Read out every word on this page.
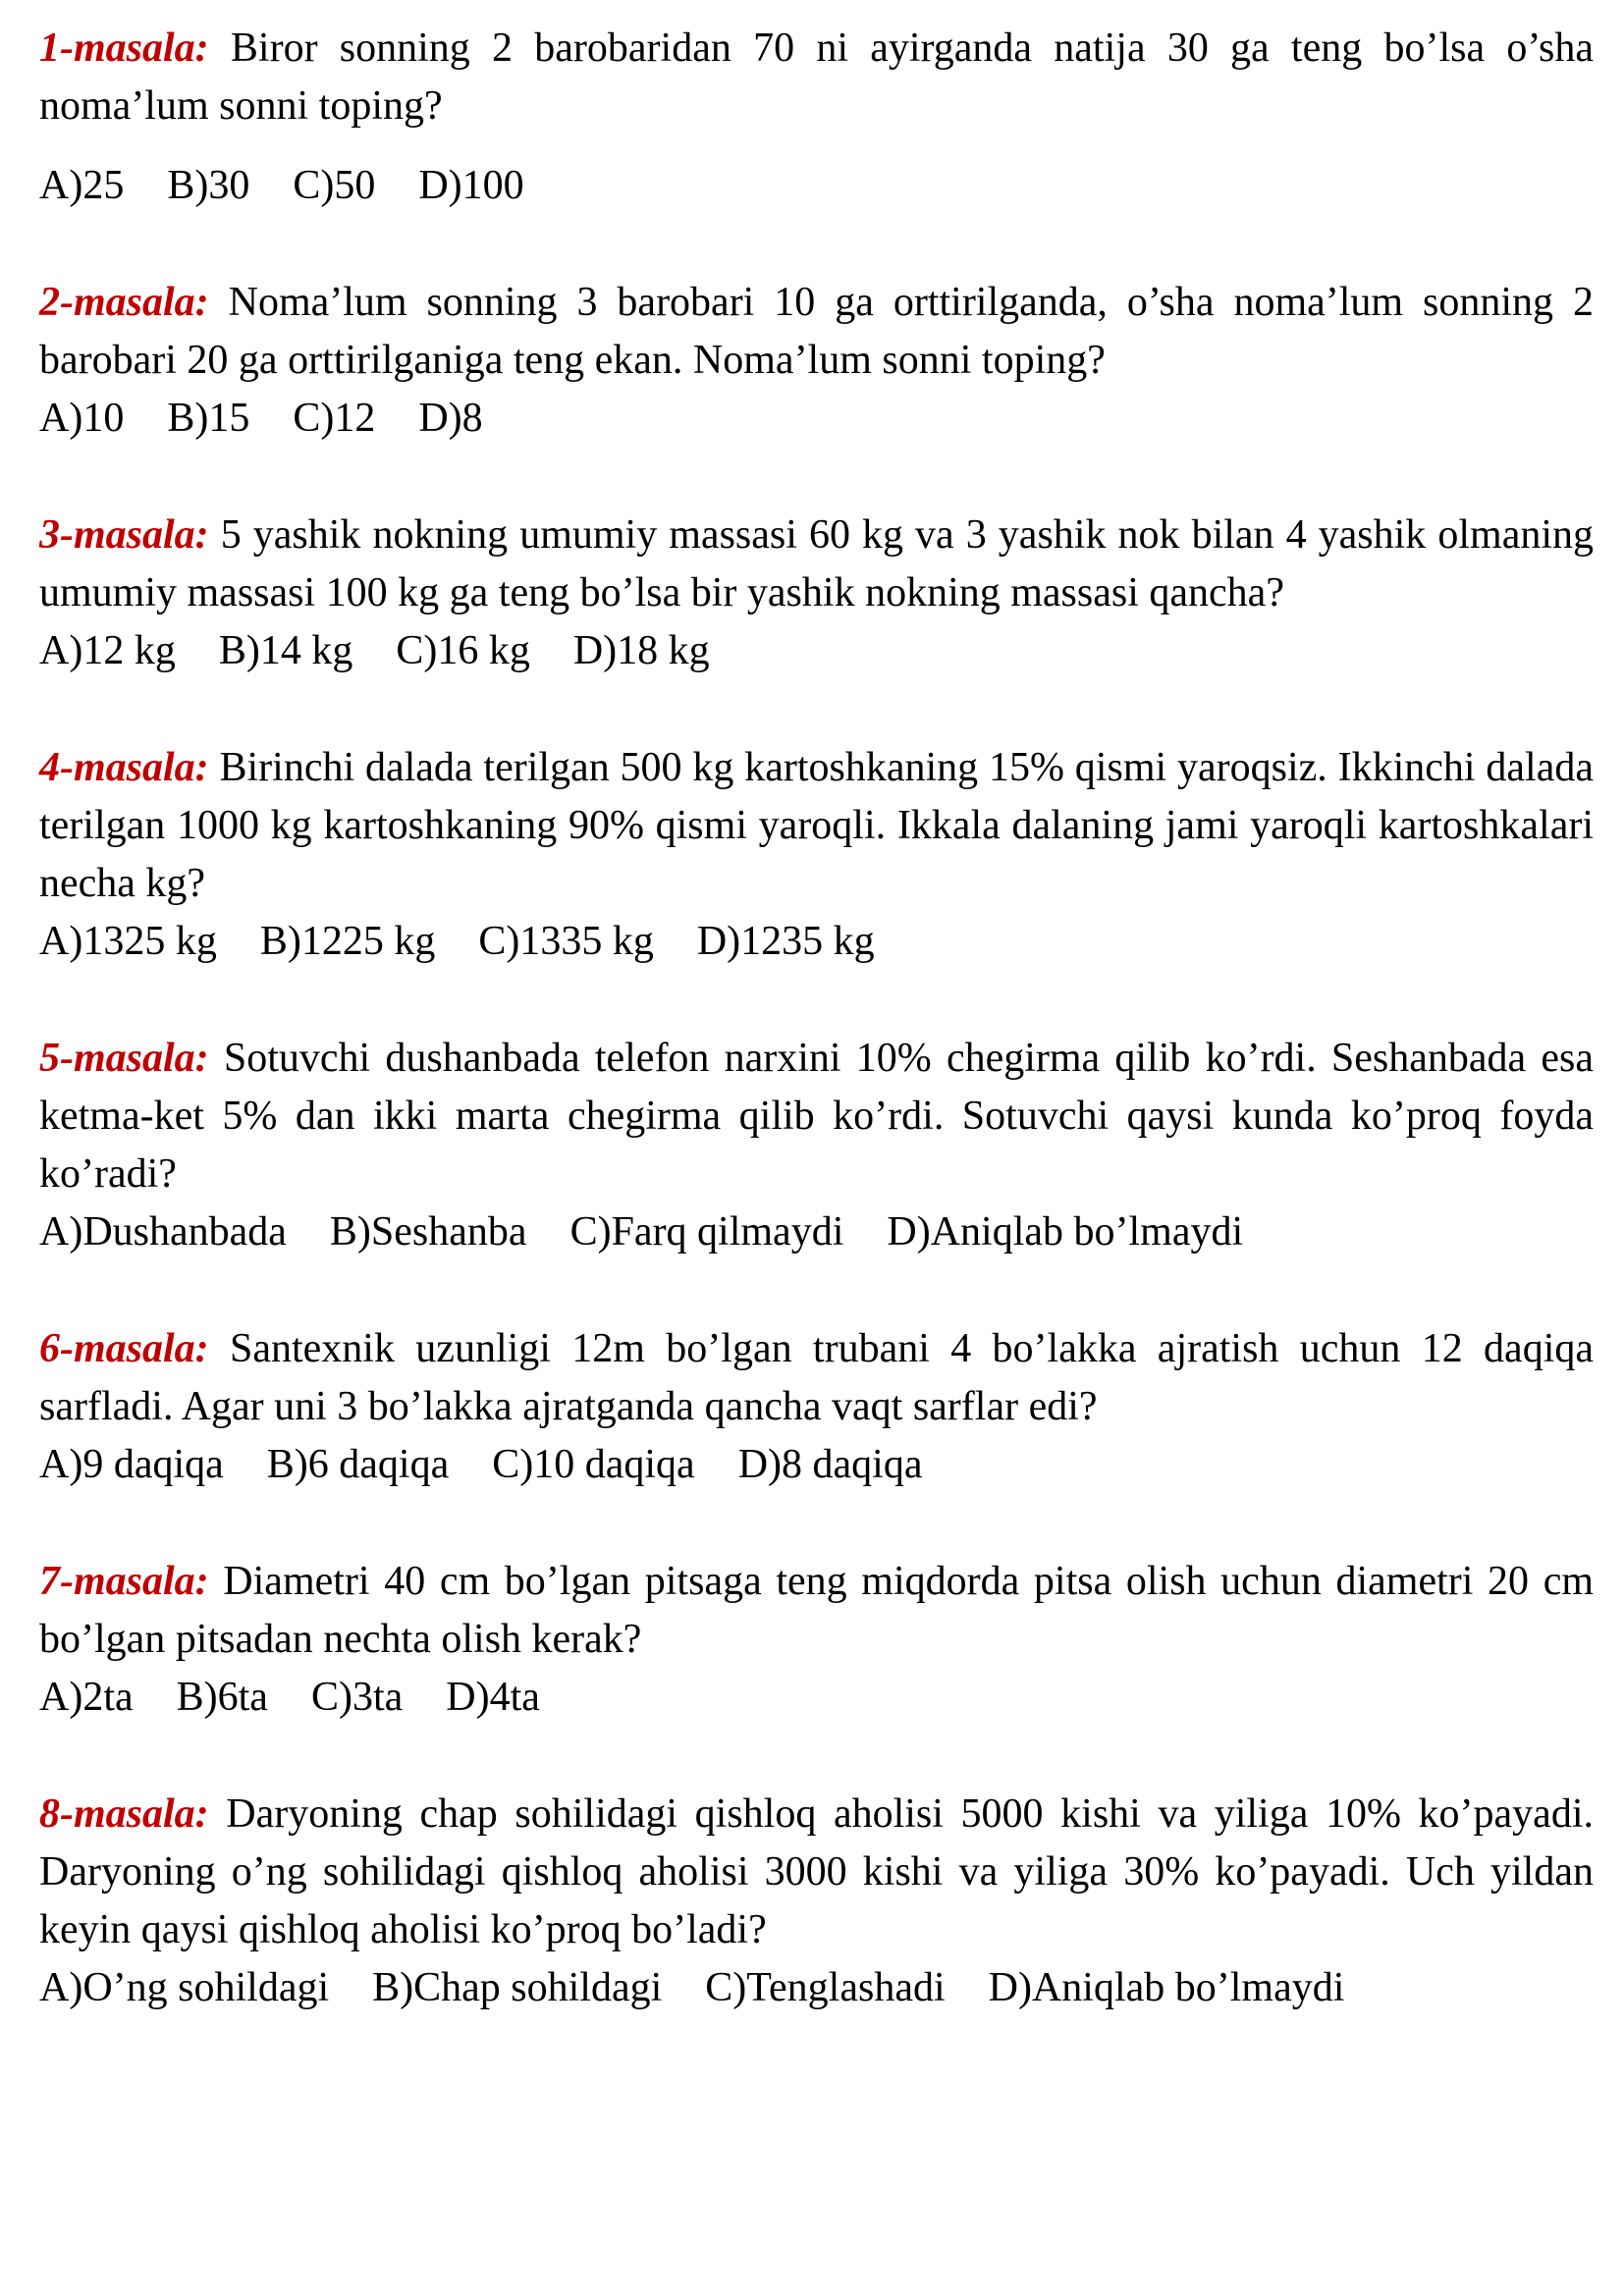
1-masala: Biror sonning 2 barobaridan 70 ni ayirganda natija 30 ga teng bo’lsa o’sha noma’lum sonni toping?

A)25 B)30 C)50 D)100

2-masala: Noma’lum sonning 3 barobari 10 ga orttirilganda, o’sha noma’lum sonning 2 barobari 20 ga orttirilganiga teng ekan. Noma’lum sonni toping?

A)10 B)15 C)12 D)8

3-masala: 5 yashik nokning umumiy massasi 60 kg va 3 yashik nok bilan 4 yashik olmaning umumiy massasi 100 kg ga teng bo’lsa bir yashik nokning massasi qancha?

A)12 kg B)14 kg C)16 kg D)18 kg

4-masala: Birinchi dalada terilgan 500 kg kartoshkaning 15% qismi yaroqsiz. Ikkinchi dalada terilgan 1000 kg kartoshkaning 90% qismi yaroqli. Ikkala dalaning jami yaroqli kartoshkalari necha kg?

A)1325 kg B)1225 kg C)1335 kg D)1235 kg

5-masala: Sotuvchi dushanbada telefon narxini 10% chegirma qilib ko’rdi. Seshanbada esa ketma-ket 5% dan ikki marta chegirma qilib ko’rdi. Sotuvchi qaysi kunda ko’proq foyda ko’radi?

A)Dushanbada B)Seshanba C)Farq qilmaydi D)Aniqlab bo’lmaydi

6-masala: Santexnik uzunligi 12m bo’lgan trubani 4 bo’lakka ajratish uchun 12 daqiqa sarfladi. Agar uni 3 bo’lakka ajratganda qancha vaqt sarflar edi?

A)9 daqiqa B)6 daqiqa C)10 daqiqa D)8 daqiqa

7-masala: Diametri 40 cm bo’lgan pitsaga teng miqdorda pitsa olish uchun diametri 20 cm bo’lgan pitsadan nechta olish kerak?

A)2ta B)6ta C)3ta D)4ta

8-masala: Daryoning chap sohilidagi qishloq aholisi 5000 kishi va yiliga 10% ko’payadi. Daryoning o’ng sohilidagi qishloq aholisi 3000 kishi va yiliga 30% ko’payadi. Uch yildan keyin qaysi qishloq aholisi ko’proq bo’ladi?

A)O’ng sohildagi B)Chap sohildagi C)Tenglashadi D)Aniqlab bo’lmaydi
